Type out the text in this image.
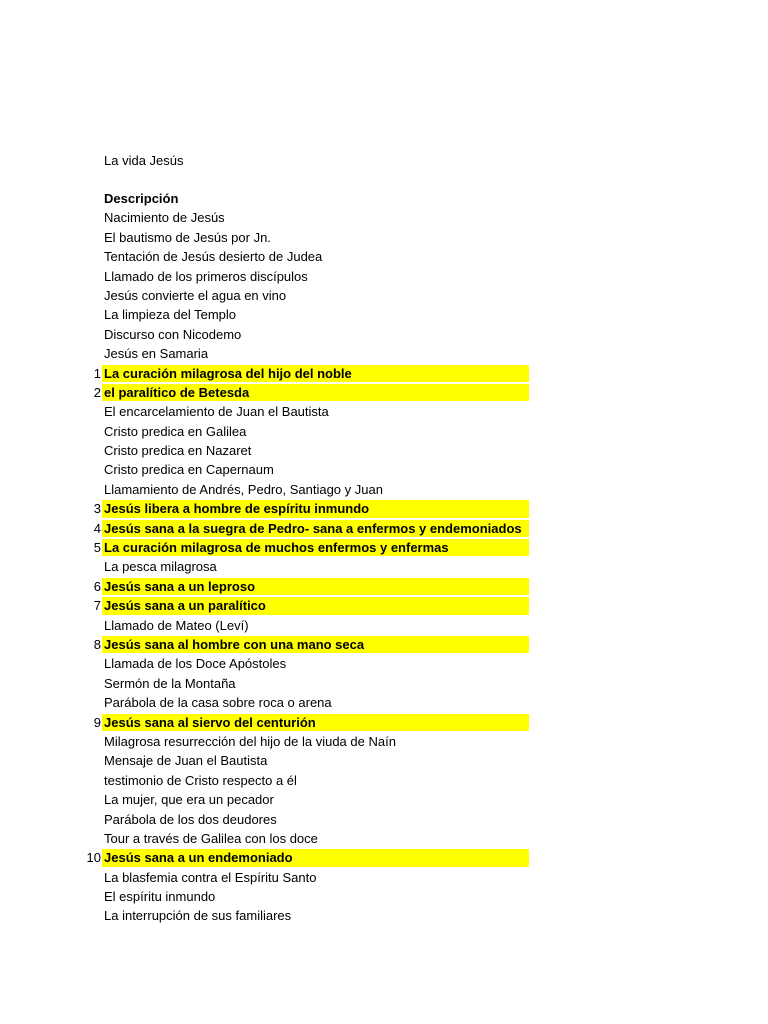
La vida Jesús
Descripción
Nacimiento de Jesús
El bautismo de Jesús por Jn.
Tentación de Jesús desierto de Judea
Llamado de los primeros discípulos
Jesús convierte el agua en vino
La limpieza del Templo
Discurso con Nicodemo
Jesús en Samaria
1 La curación milagrosa del hijo del noble
2 el paralítico de Betesda
El encarcelamiento de Juan el Bautista
Cristo predica en Galilea
Cristo predica en Nazaret
Cristo predica en Capernaum
Llamamiento de Andrés, Pedro, Santiago y Juan
3 Jesús libera a hombre de espíritu inmundo
4 Jesús sana a la suegra de Pedro- sana a enfermos y endemoniados
5 La curación milagrosa de muchos enfermos y enfermas
La pesca milagrosa
6 Jesús sana a un leproso
7 Jesús sana a un paralítico
Llamado de Mateo (Leví)
8 Jesús sana al hombre con una mano seca
Llamada de los Doce Apóstoles
Sermón de la Montaña
Parábola de la casa sobre roca o arena
9 Jesús sana al siervo del centurión
Milagrosa resurrección del hijo de la viuda de Naín
Mensaje de Juan el Bautista
testimonio de Cristo respecto a él
La mujer, que era un pecador
Parábola de los dos deudores
Tour a través de Galilea con los doce
10 Jesús sana a un endemoniado
La blasfemia contra el Espíritu Santo
El espíritu inmundo
La interrupción de sus familiares
